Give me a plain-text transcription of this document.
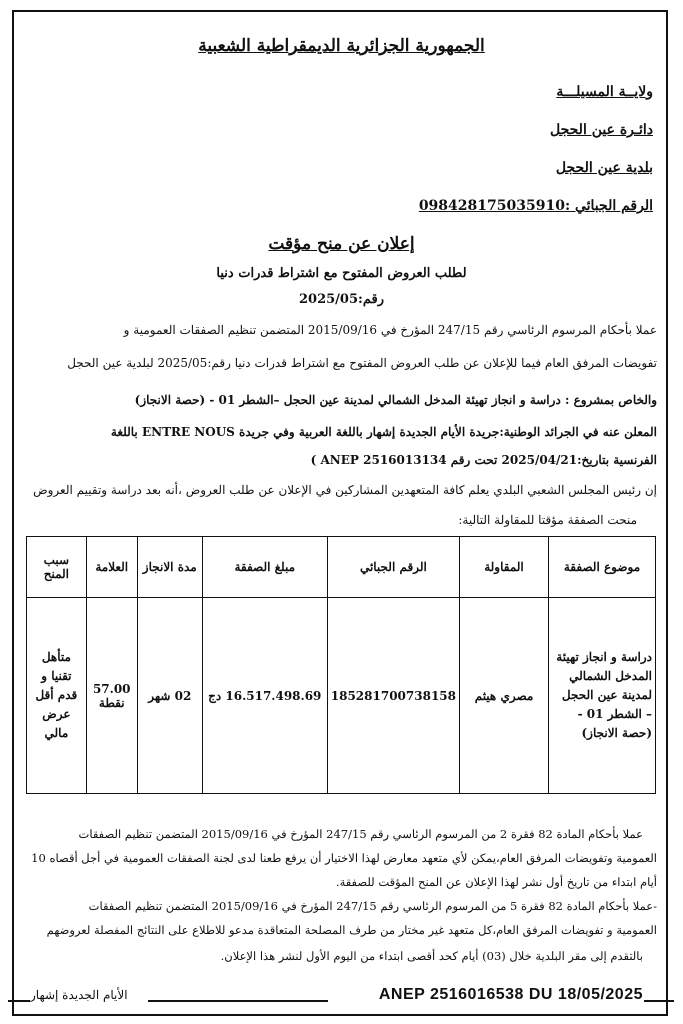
الجمهورية الجزائرية الديمقراطية الشعبية
ولايــة المسيلـــة
دائـرة عين الحجل
بلدية عين الحجل
الرقم الجبائي :098428175035910
إعلان عن منح مؤقت
لطلب العروض المفتوح مع اشتراط قدرات دنيا
رقم:2025/05
عملا بأحكام المرسوم الرئاسي رقم 247/15 المؤرخ في 2015/09/16 المتضمن تنظيم الصفقات العمومية و
تفويضات المرفق العام فيما للإعلان عن طلب العروض المفتوح مع اشتراط قدرات دنيا رقم:2025/05 لبلدية عين الحجل
والخاص بمشروع : دراسة و انجاز تهيئة المدخل الشمالي لمدينة عين الحجل –الشطر 01 - (حصة الانجاز)
المعلن عنه في الجرائد الوطنية:جريدة الأيام الجديدة إشهار باللغة العربية وفي جريدة ENTRE NOUS باللغة
الفرنسية بتاريخ:2025/04/21 تحت رقم ANEP 2516013134 )
إن رئيس المجلس الشعبي البلدي يعلم كافة المتعهدين المشاركين في الإعلان عن طلب العروض ،أنه بعد دراسة وتقييم العروض
منحت الصفقة مؤقتا للمقاولة التالية:
موضوع الصفقة	المقاولة	الرقم الجبائي	مبلغ الصفقة	مدة الانجاز	العلامة	سبب المنح
دراسة و انجاز تهيئة المدخل الشمالي لمدينة عين الحجل – الشطر 01 - (حصة الانجاز)	مصري هيثم	185281700738158	16.517.498.69 دج	02 شهر	57.00 نقطة	متأهل تقنيا و قدم أقل عرض مالي
عملا بأحكام المادة 82 فقرة 2 من المرسوم الرئاسي رقم 247/15 المؤرخ في 2015/09/16 المتضمن تنظيم الصفقات
العمومية وتفويضات المرفق العام،يمكن لأي متعهد معارض لهذا الاختيار أن يرفع طعنا لدى لجنة الصفقات العمومية في أجل أقصاه 10
أيام ابتداء من تاريخ أول نشر لهذا الإعلان عن المنح المؤقت للصفقة.
-عملا بأحكام المادة 82 فقرة 5 من المرسوم الرئاسي رقم 247/15 المؤرخ في 2015/09/16 المتضمن تنظيم الصفقات
العمومية و تفويضات المرفق العام،كل متعهد غير مختار من طرف المصلحة المتعاقدة مدعو للاطلاع على النتائج المفصلة لعروضهم
بالتقدم إلى مقر البلدية خلال (03) أيام كحد أقصى ابتداء من اليوم الأول لنشر هذا الإعلان.
الأيام الجديدة إشهار	ANEP 2516016538 DU 18/05/2025
